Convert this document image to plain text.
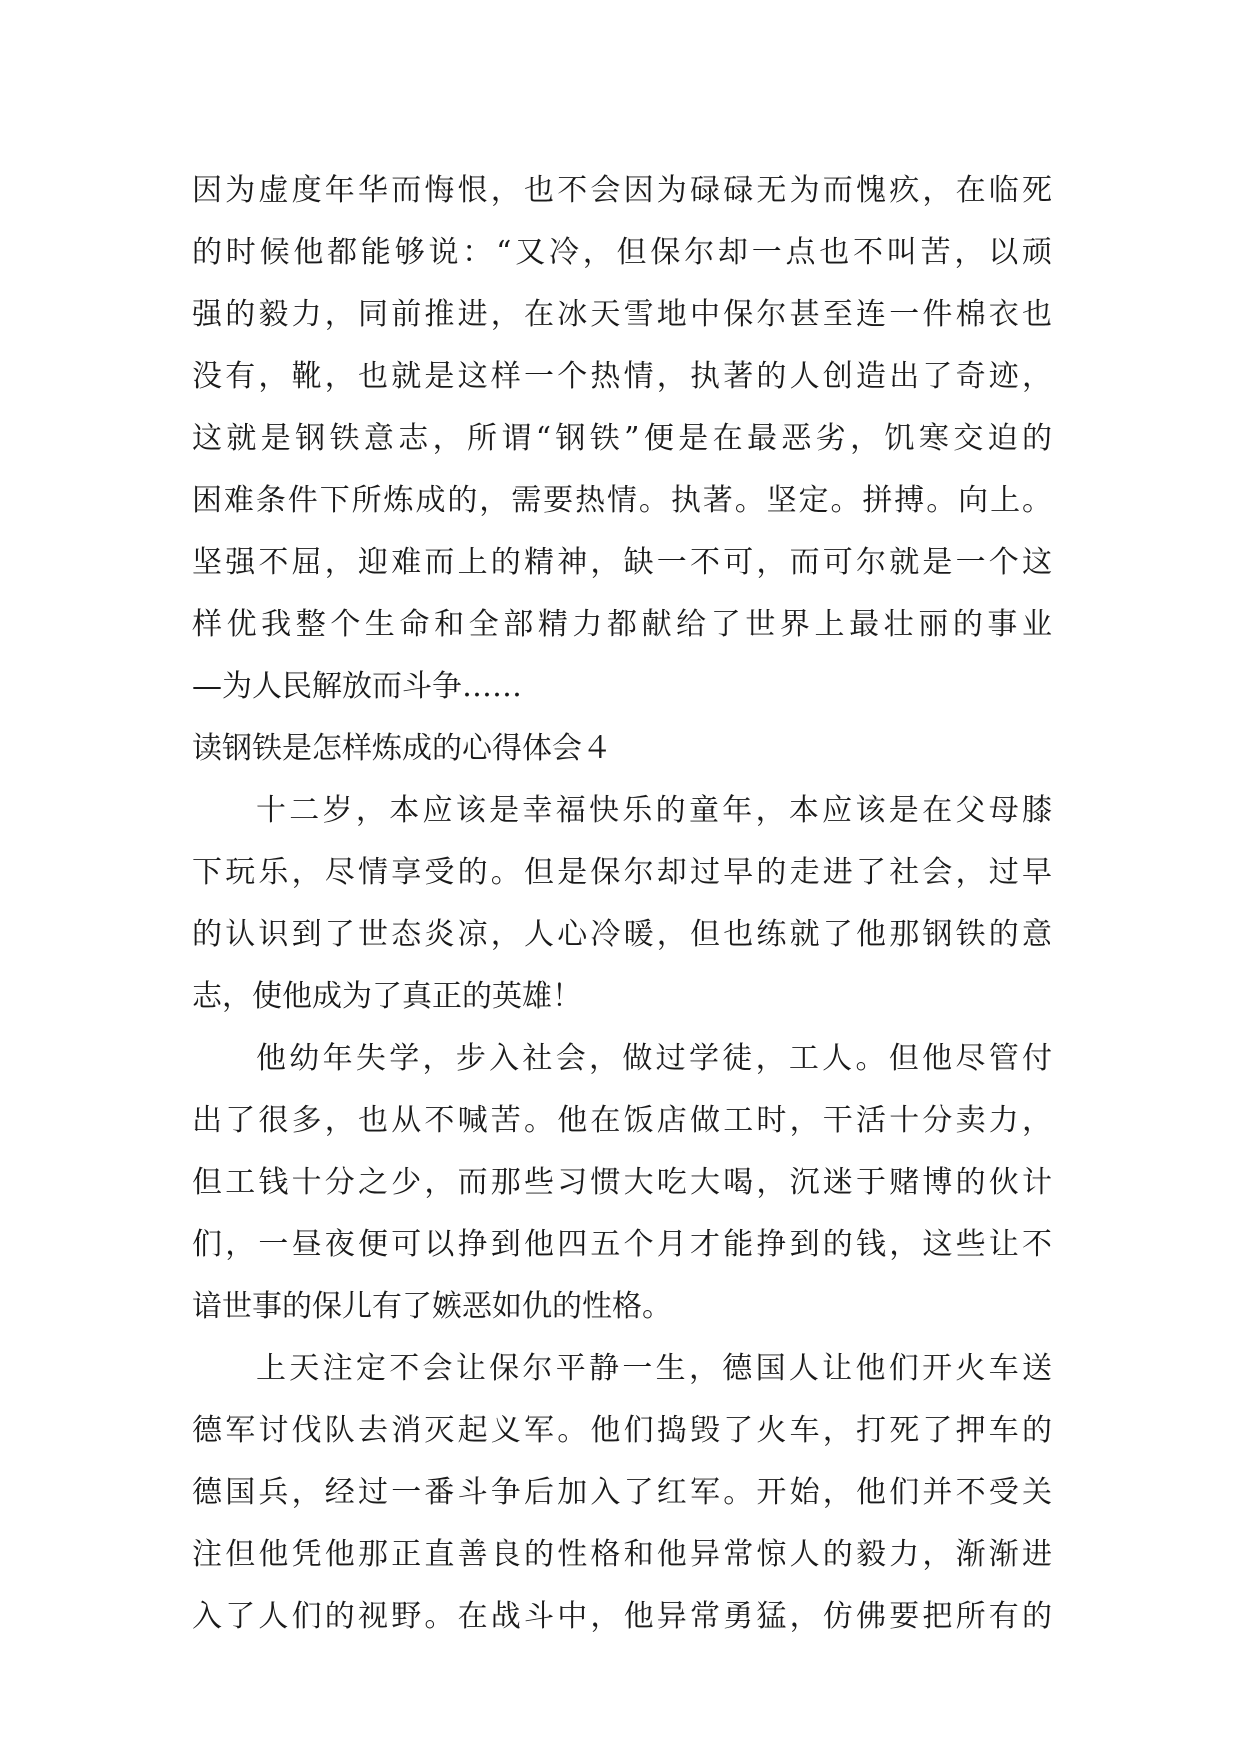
因为虚度年华而悔恨，也不会因为碌碌无为而愧疚，在临死
的时候他都能够说：“又冷，但保尔却一点也不叫苦，以顽
强的毅力，同前推进，在冰天雪地中保尔甚至连一件棉衣也
没有，靴，也就是这样一个热情，执著的人创造出了奇迹，
这就是钢铁意志，所谓“钢铁”便是在最恶劣，饥寒交迫的
困难条件下所炼成的，需要热情。执著。坚定。拼搏。向上。
坚强不屈，迎难而上的精神，缺一不可，而可尔就是一个这
样优我整个生命和全部精力都献给了世界上最壮丽的事业
—为人民解放而斗争……
读钢铁是怎样炼成的心得体会４
十二岁，本应该是幸福快乐的童年，本应该是在父母膝
下玩乐，尽情享受的。但是保尔却过早的走进了社会，过早
的认识到了世态炎凉，人心冷暖，但也练就了他那钢铁的意
志，使他成为了真正的英雄！
他幼年失学，步入社会，做过学徒，工人。但他尽管付
出了很多，也从不喊苦。他在饭店做工时，干活十分卖力，
但工钱十分之少，而那些习惯大吃大喝，沉迷于赌博的伙计
们，一昼夜便可以挣到他四五个月才能挣到的钱，这些让不
谙世事的保儿有了嫉恶如仇的性格。
上天注定不会让保尔平静一生，德国人让他们开火车送
德军讨伐队去消灭起义军。他们捣毁了火车，打死了押车的
德国兵，经过一番斗争后加入了红军。开始，他们并不受关
注但他凭他那正直善良的性格和他异常惊人的毅力，渐渐进
入了人们的视野。在战斗中，他异常勇猛，仿佛要把所有的
